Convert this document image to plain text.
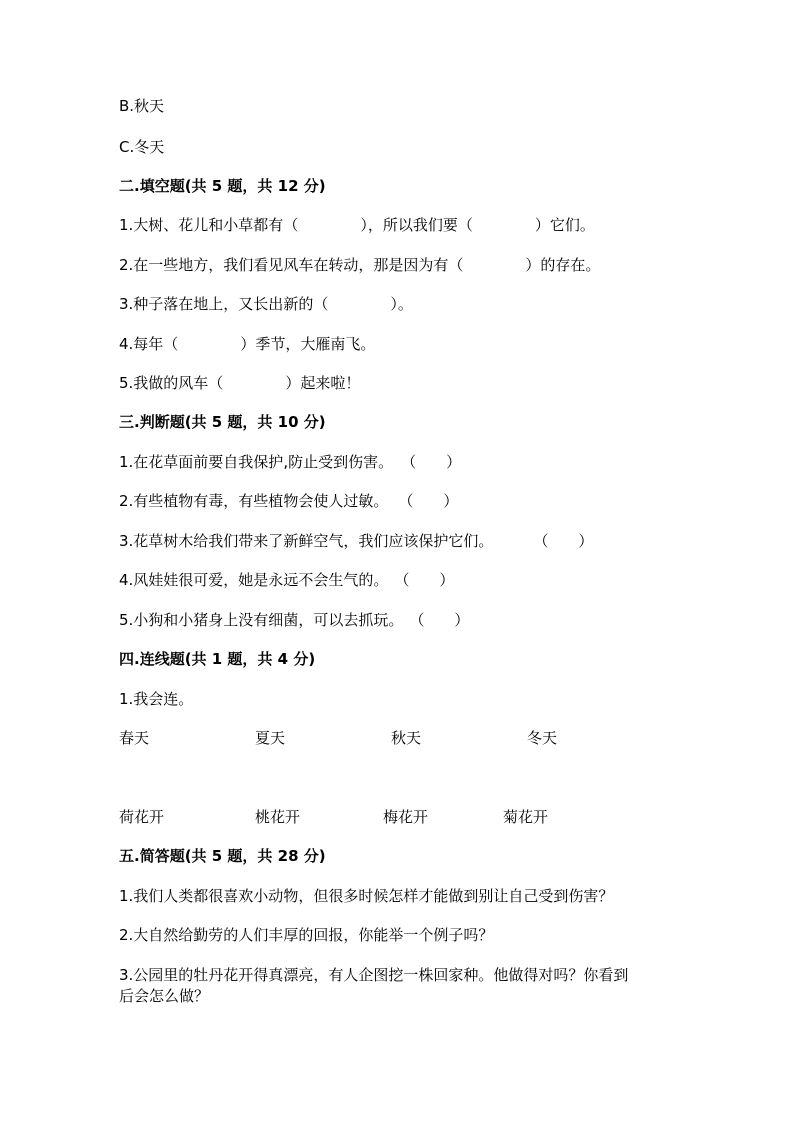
B.秋天
C.冬天
二.填空题(共 5 题，共 12 分)
1.大树、花儿和小草都有（	），所以我们要（	）它们。
2.在一些地方，我们看见风车在转动，那是因为有（	）的存在。
3.种子落在地上，又长出新的（	）。
4.每年（	）季节，大雁南飞。
5.我做的风车（	）起来啦！
三.判断题(共 5 题，共 10 分)
1.在花草面前要自我保护,防止受到伤害。 （ ）
2.有些植物有毒，有些植物会使人过敏。 （ ）
3.花草树木给我们带来了新鲜空气，我们应该保护它们。	（ ）
4.风娃娃很可爱，她是永远不会生气的。 （ ）
5.小狗和小猪身上没有细菌，可以去抓玩。 （ ）
四.连线题(共 1 题，共 4 分)
1.我会连。
春天	夏天	秋天	冬天
荷花开	桃花开	梅花开	菊花开
五.简答题(共 5 题，共 28 分)
1.我们人类都很喜欢小动物，但很多时候怎样才能做到别让自己受到伤害？
2.大自然给勤劳的人们丰厚的回报，你能举一个例子吗？
3.公园里的牡丹花开得真漂亮，有人企图挖一株回家种。他做得对吗？你看到
后会怎么做？
